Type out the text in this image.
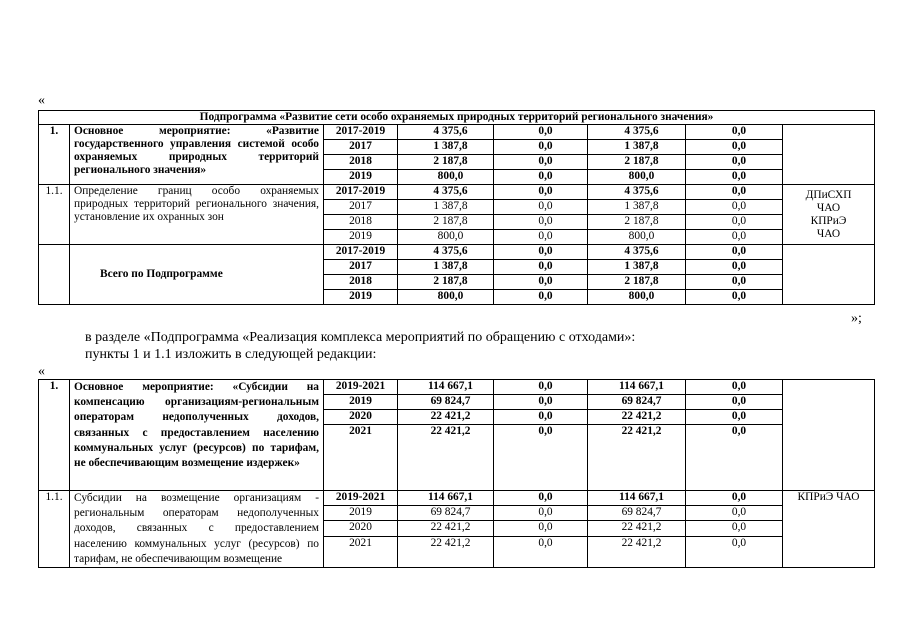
«
Подпрограмма «Развитие сети особо охраняемых природных территорий регионального значения»							
1.	Основное мероприятие: «Развитие государственного управления системой особо охраняемых природных территорий регионального значения»	2017-2019	4 375,6	0,0	4 375,6	0,0	
		2017	1 387,8	0,0	1 387,8	0,0	
		2018	2 187,8	0,0	2 187,8	0,0	
		2019	800,0	0,0	800,0	0,0	
1.1.	Определение границ особо охраняемых природных территорий регионального значения, установление их охранных зон	2017-2019	4 375,6	0,0	4 375,6	0,0	ДПиСХП ЧАО КПРиЭ ЧАО
		2017	1 387,8	0,0	1 387,8	0,0	
		2018	2 187,8	0,0	2 187,8	0,0	
		2019	800,0	0,0	800,0	0,0	
	Всего по Подпрограмме	2017-2019	4 375,6	0,0	4 375,6	0,0	
		2017	1 387,8	0,0	1 387,8	0,0	
		2018	2 187,8	0,0	2 187,8	0,0	
		2019	800,0	0,0	800,0	0,0	
»;
в разделе «Подпрограмма «Реализация комплекса мероприятий по обращению с отходами»:
пункты 1 и 1.1 изложить в следующей редакции:
«
1.	Основное мероприятие: «Субсидии на компенсацию организациям-региональным операторам недополученных доходов, связанных с предоставлением населению коммунальных услуг (ресурсов) по тарифам, не обеспечивающим возмещение издержек»	2019-2021	114 667,1	0,0	114 667,1	0,0	
		2019	69 824,7	0,0	69 824,7	0,0	
		2020	22 421,2	0,0	22 421,2	0,0	
		2021	22 421,2	0,0	22 421,2	0,0	
1.1.	Субсидии на возмещение организациям - региональным операторам недополученных доходов, связанных с предоставлением населению коммунальных услуг (ресурсов) по тарифам, не обеспечивающим возмещение	2019-2021	114 667,1	0,0	114 667,1	0,0	КПРиЭ ЧАО
		2019	69 824,7	0,0	69 824,7	0,0	
		2020	22 421,2	0,0	22 421,2	0,0	
		2021	22 421,2	0,0	22 421,2	0,0	
